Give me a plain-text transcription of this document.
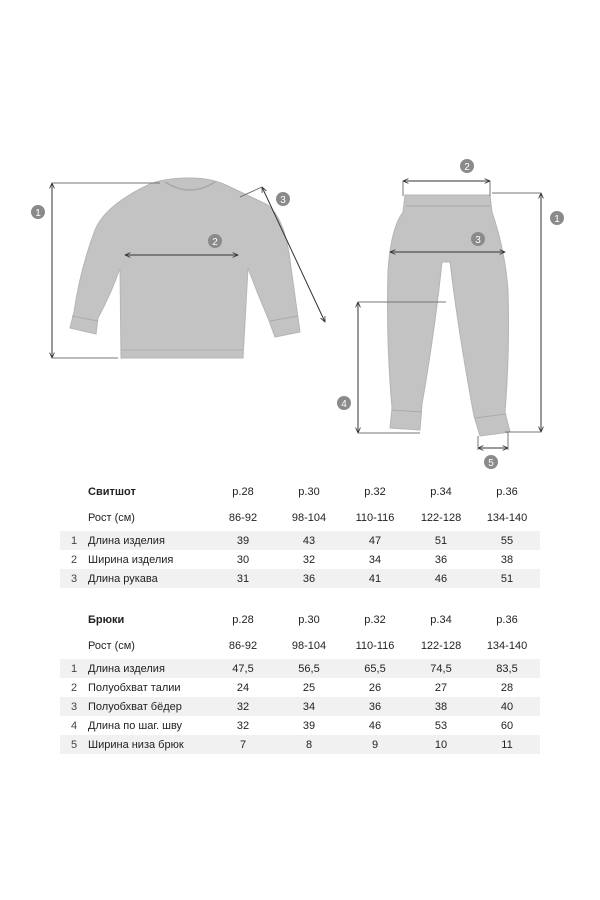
1
2
3
2
3
1
4
5
	Свитшот	р.28	р.30	р.32	р.34	р.36
	Рост (см)	86-92	98-104	110-116	122-128	134-140
1	Длина изделия	39	43	47	51	55
2	Ширина изделия	30	32	34	36	38
3	Длина рукава	31	36	41	46	51
	Брюки	р.28	р.30	р.32	р.34	р.36
	Рост (см)	86-92	98-104	110-116	122-128	134-140
1	Длина изделия	47,5	56,5	65,5	74,5	83,5
2	Полуобхват талии	24	25	26	27	28
3	Полуобхват бёдер	32	34	36	38	40
4	Длина по шаг. шву	32	39	46	53	60
5	Ширина низа брюк	7	8	9	10	11
